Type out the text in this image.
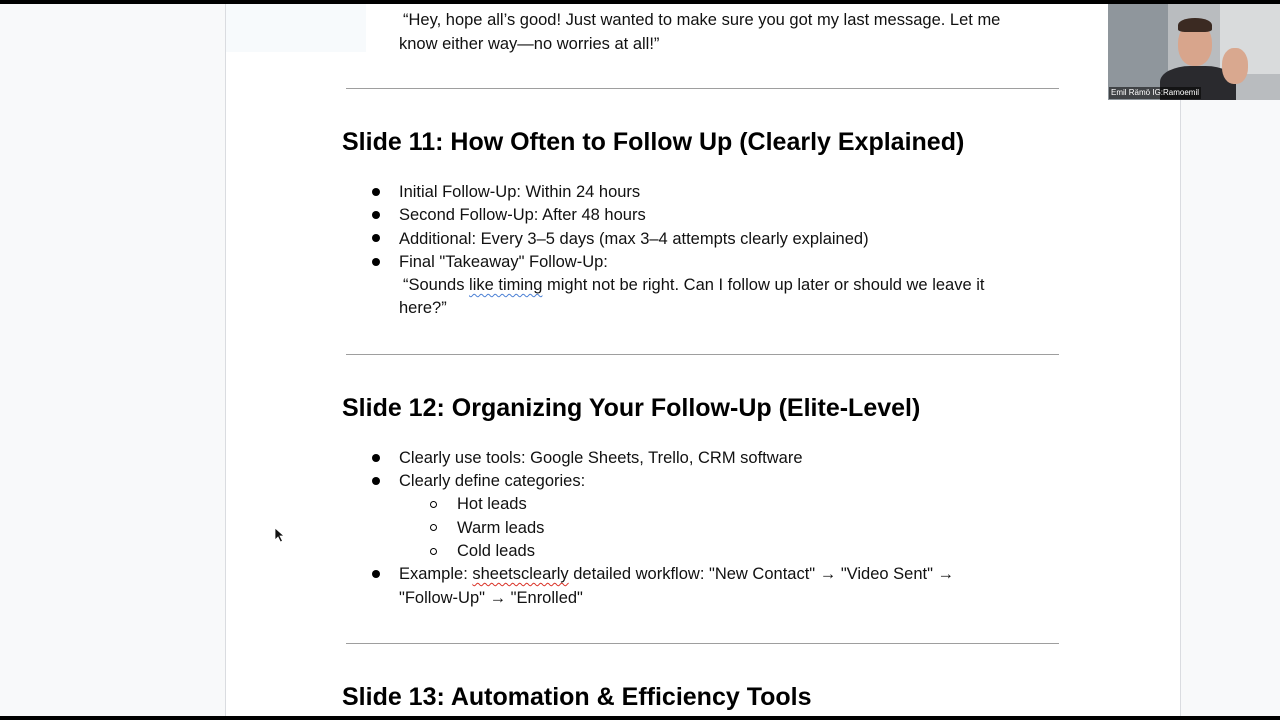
“Hey, hope all’s good! Just wanted to make sure you got my last message. Let me
know either way—no worries at all!”
Slide 11: How Often to Follow Up (Clearly Explained)
Initial Follow-Up: Within 24 hours
Second Follow-Up: After 48 hours
Additional: Every 3–5 days (max 3–4 attempts clearly explained)
Final "Takeaway" Follow-Up:
“Sounds like timing might not be right. Can I follow up later or should we leave it
here?”
Slide 12: Organizing Your Follow-Up (Elite-Level)
Clearly use tools: Google Sheets, Trello, CRM software
Clearly define categories:
Hot leads
Warm leads
Cold leads
Example: sheetsclearly detailed workflow: "New Contact" → "Video Sent" →
"Follow-Up" → "Enrolled"
Slide 13: Automation & Efficiency Tools
Emil Rämö IG:Ramoemil
